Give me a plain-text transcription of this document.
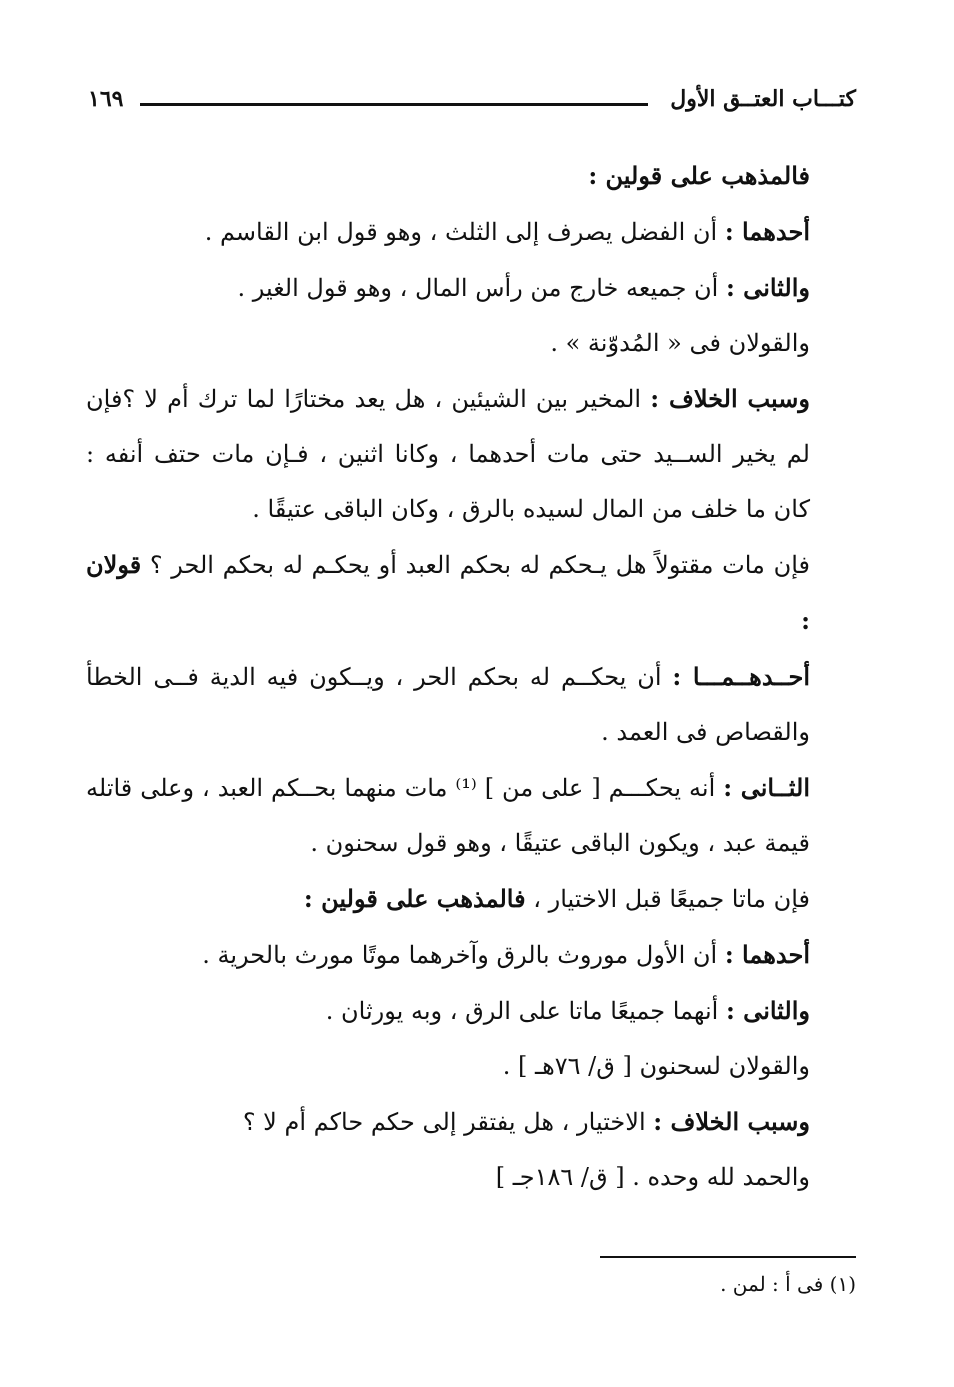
١٦٩	كتـــاب العتــق الأول

فالمذهب على قولين :

أحدهما : أن الفضل يصرف إلى الثلث ، وهو قول ابن القاسم .

والثانى : أن جميعه خارج من رأس المال ، وهو قول الغير .

والقولان فى « المُدوّنة » .

وسبب الخلاف : المخير بين الشيئين ، هل يعد مختارًا لما ترك أم لا ؟فإن لم يخير الســيد حتى مات أحدهما ، وكانا اثنين ، فـإن مات حتف أنفه : كان ما خلف من المال لسيده بالرق ، وكان الباقى عتيقًا .

فإن مات مقتولاً هل يـحكم له بحكم العبد أو يحكـم له بحكم الحر ؟ قولان :

أحــدهــمـــا : أن يحكــم له بحكم الحر ، ويــكون فيه الدية فــى الخطأ والقصاص فى العمد .

الثــانى : أنه يحكـــم [ على من ] ⁽¹⁾ مات منهما بحــكم العبد ، وعلى قاتله قيمة عبد ، ويكون الباقى عتيقًا ، وهو قول سحنون .

فإن ماتا جميعًا قبل الاختيار ، فالمذهب على قولين :

أحدهما : أن الأول موروث بالرق وآخرهما موتًا مورث بالحرية .

والثانى : أنهما جميعًا ماتا على الرق ، وبه يورثان .

والقولان لسحنون [ ق/ ٧٦هـ ] .

وسبب الخلاف : الاختيار ، هل يفتقر إلى حكم حاكم أم لا ؟

والحمد لله وحده . [ ق/ ١٨٦جـ ]

(١) فى أ : لمن .
